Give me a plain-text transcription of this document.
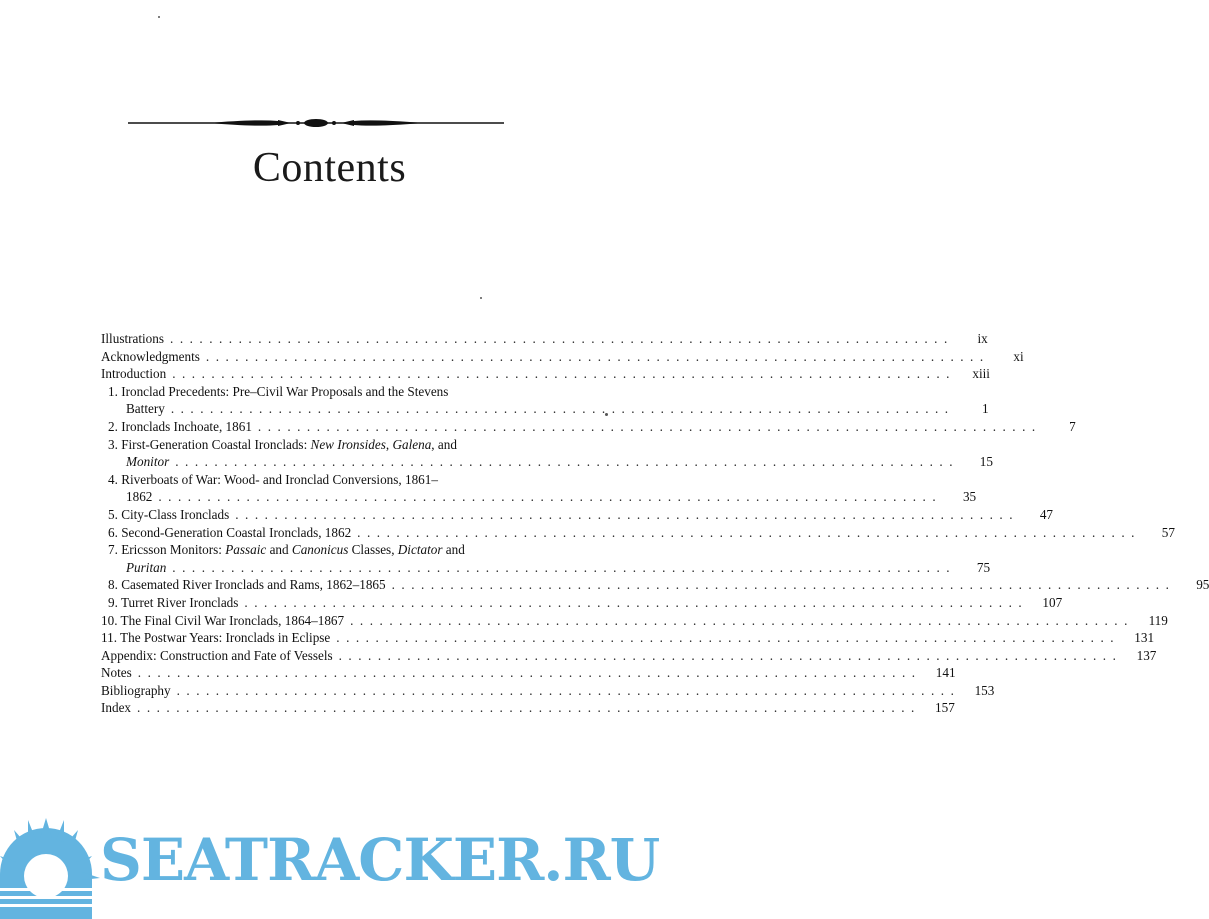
Contents
Illustrations ................................................................................	ix
Acknowledgments ................................................................................	xi
Introduction ................................................................................	xiii
1. Ironclad Precedents: Pre–Civil War Proposals and the Stevens
Battery ................................................................................	1
2. Ironclads Inchoate, 1861 ................................................................................	7
3. First-Generation Coastal Ironclads: New Ironsides, Galena, and
Monitor ................................................................................	15
4. Riverboats of War: Wood- and Ironclad Conversions, 1861–
1862 ................................................................................	35
5. City-Class Ironclads ................................................................................	47
6. Second-Generation Coastal Ironclads, 1862 ................................................................................	57
7. Ericsson Monitors: Passaic and Canonicus Classes, Dictator and
Puritan ................................................................................	75
8. Casemated River Ironclads and Rams, 1862–1865 ................................................................................	95
9. Turret River Ironclads ................................................................................	107
10. The Final Civil War Ironclads, 1864–1867 ................................................................................	119
11. The Postwar Years: Ironclads in Eclipse ................................................................................	131
Appendix: Construction and Fate of Vessels ................................................................................	137
Notes ................................................................................	141
Bibliography ................................................................................	153
Index ................................................................................	157
SEATRACKER.RU
